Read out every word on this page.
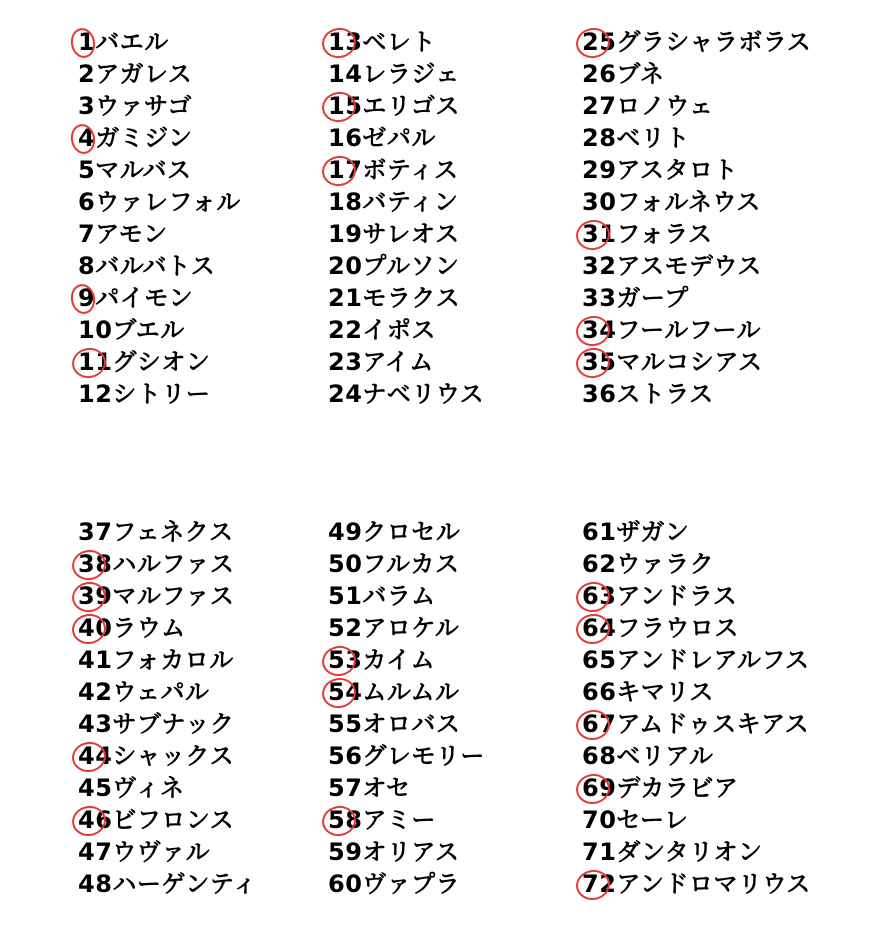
1
バエル
2アガレス
3ウァサゴ
4
ガミジン
5マルバス
6ウァレフォル
7アモン
8バルバトス
9
パイモン
10ブエル
11
グシオン
12シトリー
13
ベレト
14レラジェ
15
エリゴス
16ゼパル
17
ボティス
18バティン
19サレオス
20プルソン
21モラクス
22イポス
23アイム
24ナベリウス
25
グラシャラボラス
26ブネ
27ロノウェ
28ベリト
29アスタロト
30フォルネウス
31
フォラス
32アスモデウス
33ガープ
34
フールフール
35
マルコシアス
36ストラス
37フェネクス
38
ハルファス
39
マルファス
40
ラウム
41フォカロル
42ウェパル
43サブナック
44
シャックス
45ヴィネ
46
ビフロンス
47ウヴァル
48ハーゲンティ
49クロセル
50フルカス
51バラム
52アロケル
53
カイム
54
ムルムル
55オロバス
56グレモリー
57オセ
58
アミー
59オリアス
60ヴァプラ
61ザガン
62ウァラク
63
アンドラス
64
フラウロス
65アンドレアルフス
66キマリス
67
アムドゥスキアス
68ベリアル
69
デカラビア
70セーレ
71ダンタリオン
72
アンドロマリウス
